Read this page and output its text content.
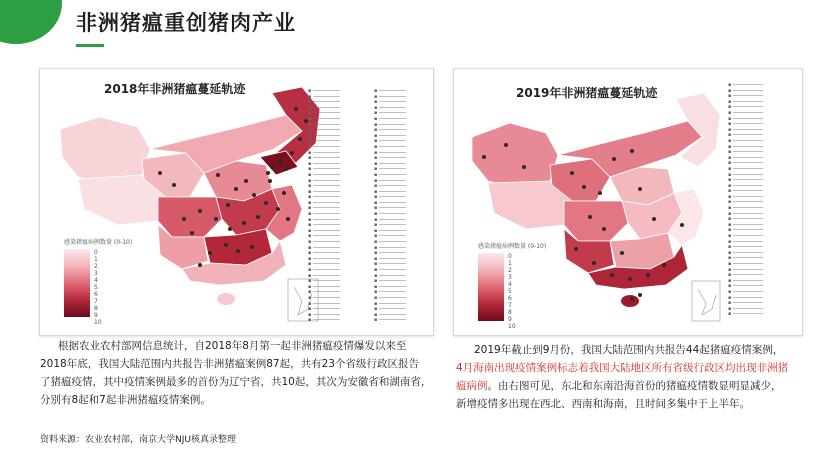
非洲猪瘟重创猪肉产业
2018年非洲猪瘟蔓延轨迹
感染猪瘟病例数量 (0-10)
0
1
2
3
4
5
6
7
8
9
10
▪ ─────────
▪ ─────────
▪ ─────────
▪ ─────────
▪ ─────────
▪ ─────────
▪ ─────────
▪ ─────────
▪ ─────────
▪ ─────────
▪ ─────────
▪ ─────────
▪ ─────────
▪ ─────────
▪ ─────────
▪ ─────────
▪ ─────────
▪ ─────────
▪ ─────────
▪ ─────────
▪ ─────────
▪ ─────────
▪ ─────────
▪ ─────────
▪ ─────────
▪ ─────────
▪ ─────────
▪ ─────────
▪ ─────────
▪ ─────────
▪ ─────────
▪ ─────────
▪ ─────────
▪ ─────────
▪ ─────────
▪ ─────────
▪ ─────────
▪ ─────────
▪ ─────────
▪ ─────────
▪ ─────────
▪ ─────────
▪ ─────────
▪ ─────────
▪ ─────────
▪ ─────────
▪ ─────────
▪ ─────────
▪ ─────────
▪ ─────────
▪ ─────────
▪ ─────────
▪ ─────────
▪ ─────────
▪ ─────────
▪ ─────────
▪ ─────────
▪ ─────────
▪ ─────────
▪ ─────────
▪ ─────────
▪ ─────────
▪ ─────────
▪ ─────────
▪ ─────────
▪ ─────────
▪ ─────────
▪ ─────────
▪ ─────────
▪ ─────────
▪ ─────────
▪ ─────────
▪ ─────────
▪ ─────────
▪ ─────────
▪ ─────────
▪ ─────────
▪ ─────────
▪ ─────────
▪ ─────────
▪ ─────────
▪ ─────────
▪ ─────────
▪ ─────────
2019年非洲猪瘟蔓延轨迹
感染猪瘟病例数量 (0-10)
0
1
2
3
4
5
6
7
8
9
10
▪ ──────────
▪ ──────────
▪ ──────────
▪ ──────────
▪ ──────────
▪ ──────────
▪ ──────────
▪ ──────────
▪ ──────────
▪ ──────────
▪ ──────────
▪ ──────────
▪ ──────────
▪ ──────────
▪ ──────────
▪ ──────────
▪ ──────────
▪ ──────────
▪ ──────────
▪ ──────────
▪ ──────────
▪ ──────────
▪ ──────────
▪ ──────────
▪ ──────────
▪ ──────────
▪ ──────────
▪ ──────────
▪ ──────────
▪ ──────────
▪ ──────────
▪ ──────────
▪ ──────────
▪ ──────────
▪ ──────────
▪ ──────────
▪ ──────────
▪ ──────────
▪ ──────────
▪ ──────────
▪ ──────────
▪ ──────────
根据农业农村部网信息统计，自2018年8月第一起非洲猪瘟疫情爆发以来至
2018年底，我国大陆范围内共报告非洲猪瘟案例87起，共有23个省级行政区报告
了猪瘟疫情，其中疫情案例最多的首份为辽宁省，共10起，其次为安徽省和湖南省，
分别有8起和7起非洲猪瘟疫情案例。
2019年截止到9月份，我国大陆范围内共报告44起猪瘟疫情案例，
4月海南出现疫情案例标志着我国大陆地区所有省级行政区均出现非洲猪
瘟病例。由右图可见，东北和东南沿海首份的猪瘟疫情数显明显减少，
新增疫情多出现在西北、西南和海南，且时间多集中于上半年。
资料来源：农业农村部，南京大学NJU核真录整理
